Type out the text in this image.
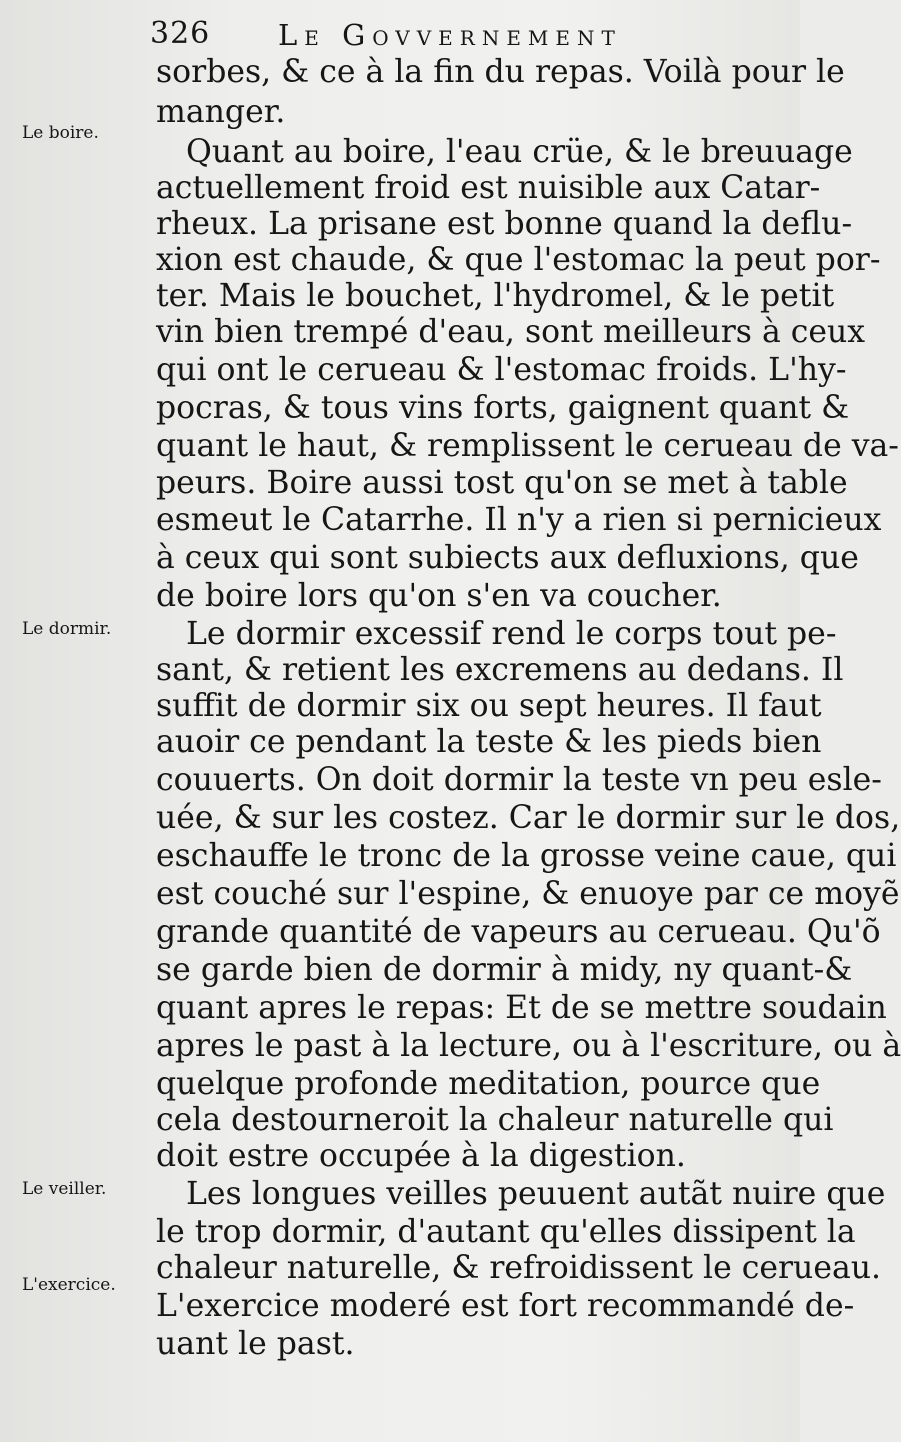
326 Le Govvernement
Le boire.
Le dormir.
Le veiller.
L'exercice.
sorbes, & ce à la fin du repas. Voilà pour le
manger.
Quant au boire, l'eau crüe, & le breuuage
actuellement froid est nuisible aux Catar-
rheux. La prisane est bonne quand la deflu-
xion est chaude, & que l'estomac la peut por-
ter. Mais le bouchet, l'hydromel, & le petit
vin bien trempé d'eau, sont meilleurs à ceux
qui ont le cerueau & l'estomac froids. L'hy-
pocras, & tous vins forts, gaignent quant &
quant le haut, & remplissent le cerueau de va-
peurs. Boire aussi tost qu'on se met à table
esmeut le Catarrhe. Il n'y a rien si pernicieux
à ceux qui sont subiects aux defluxions, que
de boire lors qu'on s'en va coucher.
Le dormir excessif rend le corps tout pe-
sant, & retient les excremens au dedans. Il
suffit de dormir six ou sept heures. Il faut
auoir ce pendant la teste & les pieds bien
couuerts. On doit dormir la teste vn peu esle-
uée, & sur les costez. Car le dormir sur le dos,
eschauffe le tronc de la grosse veine caue, qui
est couché sur l'espine, & enuoye par ce moyẽ
grande quantité de vapeurs au cerueau. Qu'õ
se garde bien de dormir à midy, ny quant-&
quant apres le repas: Et de se mettre soudain
apres le past à la lecture, ou à l'escriture, ou à
quelque profonde meditation, pource que
cela destourneroit la chaleur naturelle qui
doit estre occupée à la digestion.
Les longues veilles peuuent autãt nuire que
le trop dormir, d'autant qu'elles dissipent la
chaleur naturelle, & refroidissent le cerueau.
L'exercice moderé est fort recommandé de-
uant le past.
